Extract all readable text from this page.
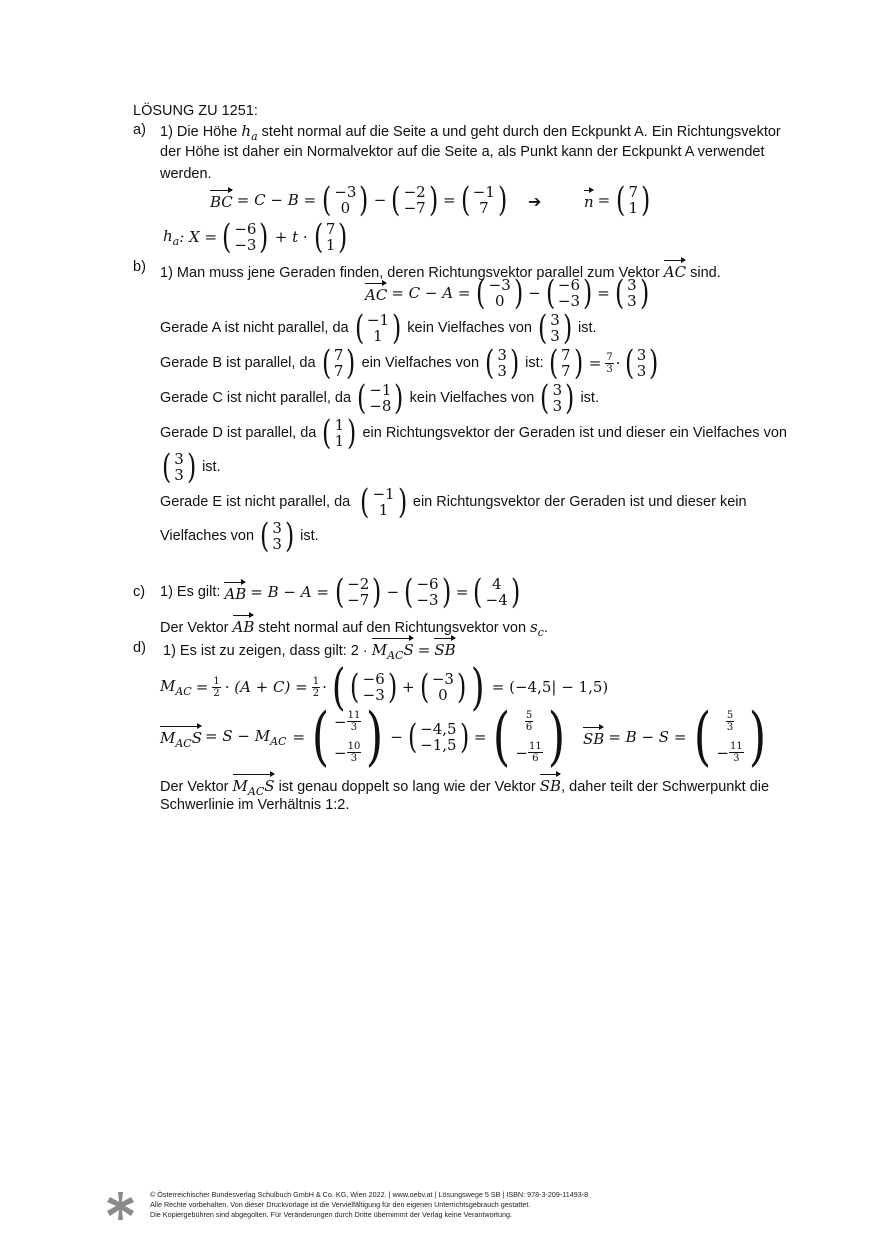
LÖSUNG ZU 1251:
a) 1) Die Höhe $h_a$ steht normal auf die Seite a und geht durch den Eckpunkt A. Ein Richtungsvektor
der Höhe ist daher ein Normalvektor auf die Seite a, als Punkt kann der Eckpunkt A verwendet
werden.
BC = C − B = ( −3
0 ) − ( −2
−7 ) = ( −1
7 ) ➔	n = ( 7
1 )
$h_a$ : X = ( −6
−3 ) + t · ( 7
1 )
b) 1) Man muss jene Geraden finden, deren Richtungsvektor parallel zum Vektor AC sind.
AC = C − A = ( −3
0 ) − ( −6
−3 ) = ( 3
3 )
Gerade A ist nicht parallel, da ( −1
1 ) kein Vielfaches von ( 3
3 ) ist.
Gerade B ist parallel, da ( 7
7 ) ein Vielfaches von ( 3
3 ) ist: ( 7
7 ) = $\frac{7}{3}$ · ( 3
3 )
Gerade C ist nicht parallel, da ( −1
−8 ) kein Vielfaches von ( 3
3 ) ist.
Gerade D ist parallel, da ( 1
1 ) ein Richtungsvektor der Geraden ist und dieser ein Vielfaches von
( 3
3 ) ist.
Gerade E ist nicht parallel, da ( −1
1 ) ein Richtungsvektor der Geraden ist und dieser kein
Vielfaches von ( 3
3 ) ist.
c) 1) Es gilt: AB = B − A = ( −2
−7 ) − ( −6
−3 ) = ( 4
−4 )
Der Vektor AB steht normal auf den Richtungsvektor von $s_c$.
d) 1) Es ist zu zeigen, dass gilt: $2 \cdot M_{AC}S$ = SB
$M_{AC} = \frac{1}{2} \cdot (A + C) = \frac{1}{2}$ · ( ( −6
−3 ) + ( −3
0 ) ) = (−4,5| − 1,5)
$M_{AC}S = S - M_{AC}$ = ( − $\frac{11}{3}$
− $\frac{10}{3}$ ) − ( −4,5
−1,5 ) = ( $\frac{5}{6}$
− $\frac{11}{6}$ ) SB = B − S = ( $\frac{5}{3}$
− $\frac{11}{3}$ )
Der Vektor $M_{AC}S$ ist genau doppelt so lang wie der Vektor SB, daher teilt der Schwerpunkt die
Schwerlinie im Verhältnis 1:2.
© Österreichischer Bundesverlag Schulbuch GmbH & Co. KG, Wien 2022. | www.oebv.at | Lösungswege 5 SB | ISBN: 978-3-209-11493-8
Alle Rechte vorbehalten. Von dieser Druckvorlage ist die Vervielfältigung für den eigenen Unterrichtsgebrauch gestattet.
Die Kopiergebühren sind abgegolten. Für Veränderungen durch Dritte übernimmt der Verlag keine Verantwortung.
